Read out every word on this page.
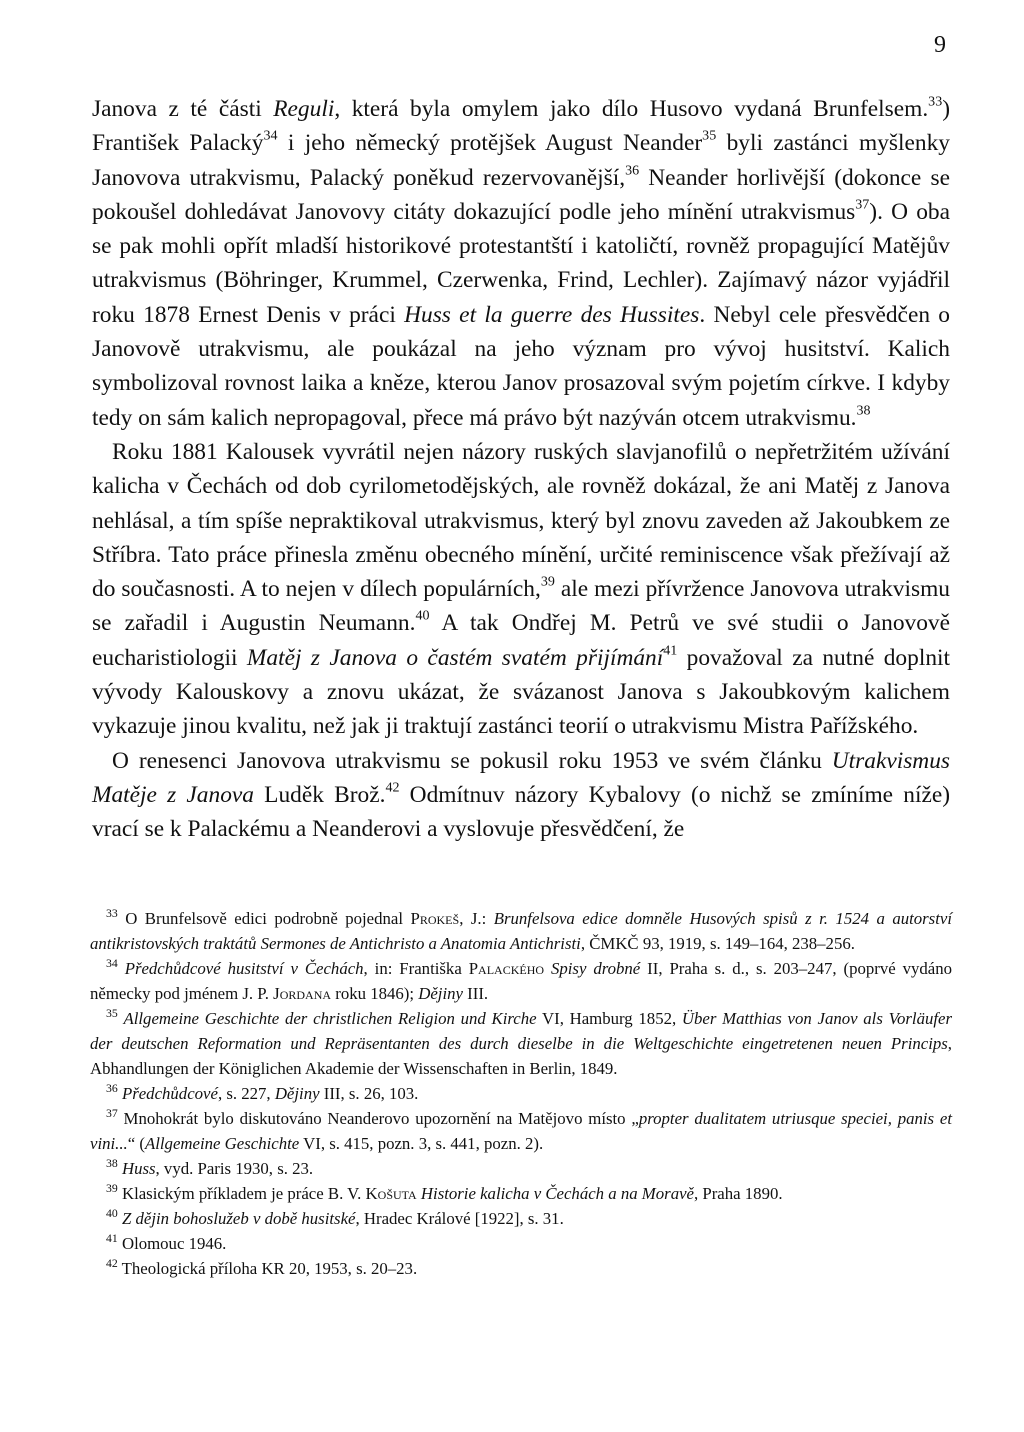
9

Janova z té části Reguli, která byla omylem jako dílo Husovo vydaná Brunfelsem.$^{33}$) František Palacký$^{34}$ i jeho německý protějšek August Neander$^{35}$ byli zastánci myšlenky Janovova utrakvismu, Palacký poněkud rezervovanější,$^{36}$ Neander horlivější (dokonce se pokoušel dohledávat Janovovy citáty dokazující podle jeho mínění utrakvismus$^{37}$). O oba se pak mohli opřít mladší historikové protestantští i katoličtí, rovněž propagující Matějův utrakvismus (Böhringer, Krummel, Czerwenka, Frind, Lechler). Zajímavý názor vyjádřil roku 1878 Ernest Denis v práci Huss et la guerre des Hussites. Nebyl cele přesvědčen o Janovově utrakvismu, ale poukázal na jeho význam pro vývoj husitství. Kalich symbolizoval rovnost laika a kněze, kterou Janov prosazoval svým pojetím církve. I kdyby tedy on sám kalich nepropagoval, přece má právo být nazýván otcem utrakvismu.$^{38}$

Roku 1881 Kalousek vyvrátil nejen názory ruských slavjanofilů o nepřetržitém užívání kalicha v Čechách od dob cyrilometodějských, ale rovněž dokázal, že ani Matěj z Janova nehlásal, a tím spíše nepraktikoval utrakvismus, který byl znovu zaveden až Jakoubkem ze Stříbra. Tato práce přinesla změnu obecného mínění, určité reminiscence však přežívají až do současnosti. A to nejen v dílech populárních,$^{39}$ ale mezi přívržence Janovova utrakvismu se zařadil i Augustin Neumann.$^{40}$ A tak Ondřej M. Petrů ve své studii o Janovově eucharistiologii Matěj z Janova o častém svatém přijímání$^{41}$ považoval za nutné doplnit výv​ody Kalouskovy a znovu ukázat, že svázanost Janova s Jakoubkovým kalichem vykazuje jinou kvalitu, než jak ji traktují zastánci teorií o utrakvismu Mistra Pařížského.

O renesenci Janovova utrakvismu se pokusil roku 1953 ve svém článku Utrakvismus Matěje z Janova Luděk Brož.$^{42}$ Odmítnuv názory Kybalovy (o nichž se zmíníme níže) vrací se k Palackému a Neanderovi a vyslovuje přesvědčení, že

$^{33}$ O Brunfelsově edici podrobně pojednal Prokeš, J.: Brunfelsova edice domněle Husových spisů z r. 1524 a autorství antikristovských traktátů Sermones de Antichristo a Anatomia Antichristi, ČMKČ 93, 1919, s. 149–164, 238–256.

$^{34}$ Předchůdcové husitství v Čechách, in: Františka Palackého Spisy drobné II, Praha s. d., s. 203–247, (poprvé vydáno německy pod jménem J. P. Jordana roku 1846); Dějiny III.

$^{35}$ Allgemeine Geschichte der christlichen Religion und Kirche VI, Hamburg 1852, Über Matthias von Janov als Vorläufer der deutschen Reformation und Repräsentanten des durch dieselbe in die Weltgeschichte eingetretenen neuen Princips, Abhandlungen der Königlichen Akademie der Wissenschaften in Berlin, 1849.

$^{36}$ Předchůdcové, s. 227, Dějiny III, s. 26, 103.

$^{37}$ Mnohokrát bylo diskutováno Neanderovo upozornění na Matějovo místo „propter dualitatem utriusque speciei, panis et vini...“ (Allgemeine Geschichte VI, s. 415, pozn. 3, s. 441, pozn. 2).

$^{38}$ Huss, vyd. Paris 1930, s. 23.

$^{39}$ Klasickým příkladem je práce B. V. Košuta Historie kalicha v Čechách a na Moravě, Praha 1890.

$^{40}$ Z dějin bohoslužeb v době husitské, Hradec Králové [1922], s. 31.

$^{41}$ Olomouc 1946.

$^{42}$ Theologická příloha KR 20, 1953, s. 20–23.
